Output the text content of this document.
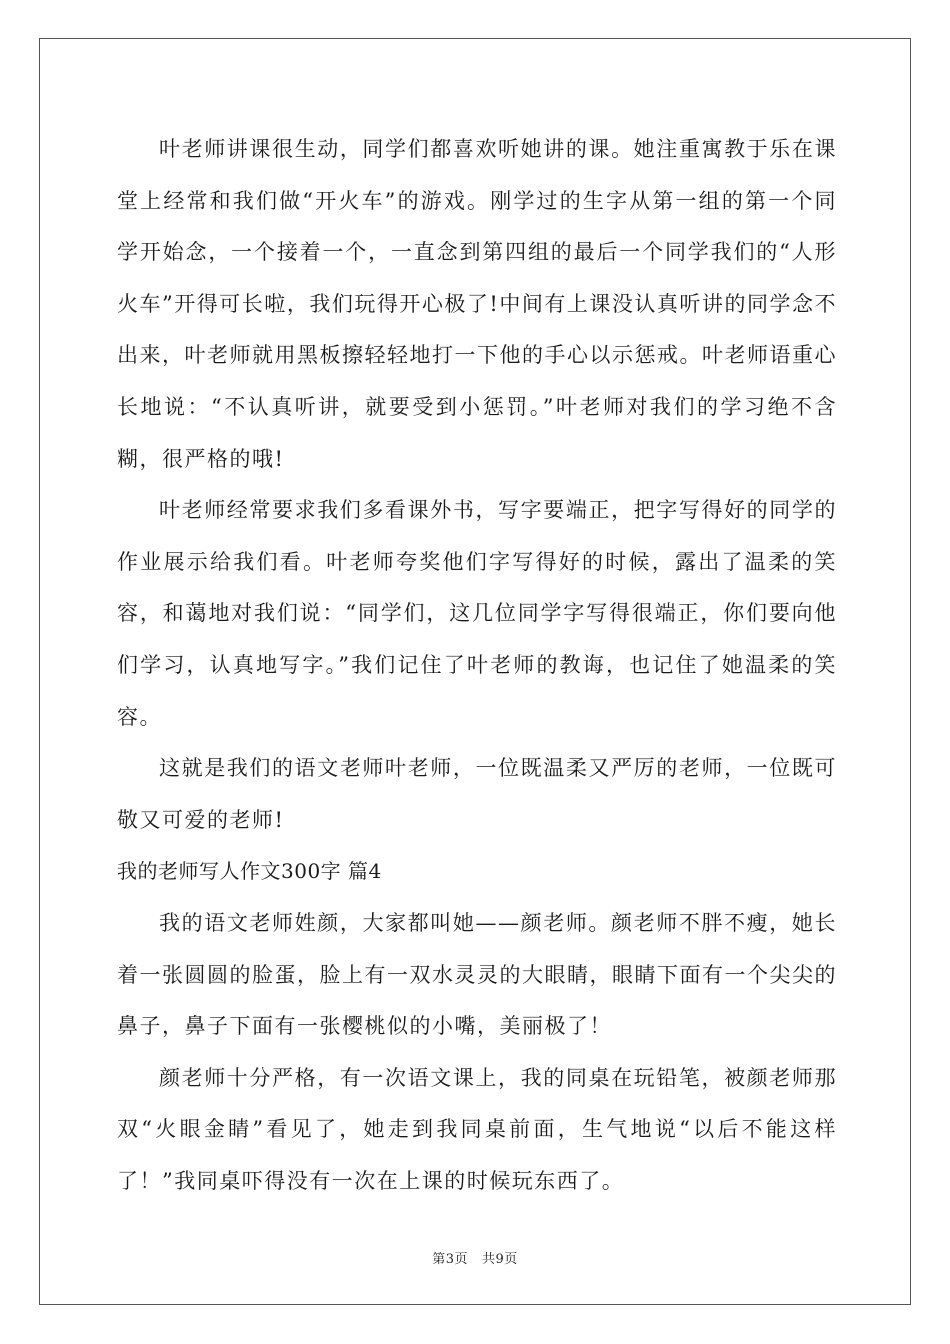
叶老师讲课很生动，同学们都喜欢听她讲的课。她注重寓教于乐在课堂上经常和我们做“开火车”的游戏。刚学过的生字从第一组的第一个同学开始念，一个接着一个，一直念到第四组的最后一个同学我们的“人形火车”开得可长啦，我们玩得开心极了!中间有上课没认真听讲的同学念不出来，叶老师就用黑板擦轻轻地打一下他的手心以示惩戒。叶老师语重心长地说：“不认真听讲，就要受到小惩罚。”叶老师对我们的学习绝不含糊，很严格的哦!

叶老师经常要求我们多看课外书，写字要端正，把字写得好的同学的作业展示给我们看。叶老师夸奖他们字写得好的时候，露出了温柔的笑容，和蔼地对我们说：“同学们，这几位同学字写得很端正，你们要向他们学习，认真地写字。”我们记住了叶老师的教诲，也记住了她温柔的笑容。

这就是我们的语文老师叶老师，一位既温柔又严厉的老师，一位既可敬又可爱的老师!

我的老师写人作文300字 篇4

我的语文老师姓颜，大家都叫她——颜老师。颜老师不胖不瘦，她长着一张圆圆的脸蛋，脸上有一双水灵灵的大眼睛，眼睛下面有一个尖尖的鼻子，鼻子下面有一张樱桃似的小嘴，美丽极了！

颜老师十分严格，有一次语文课上，我的同桌在玩铅笔，被颜老师那双“火眼金睛”看见了，她走到我同桌前面，生气地说“以后不能这样了！”我同桌吓得没有一次在上课的时候玩东西了。

第3页 共9页
